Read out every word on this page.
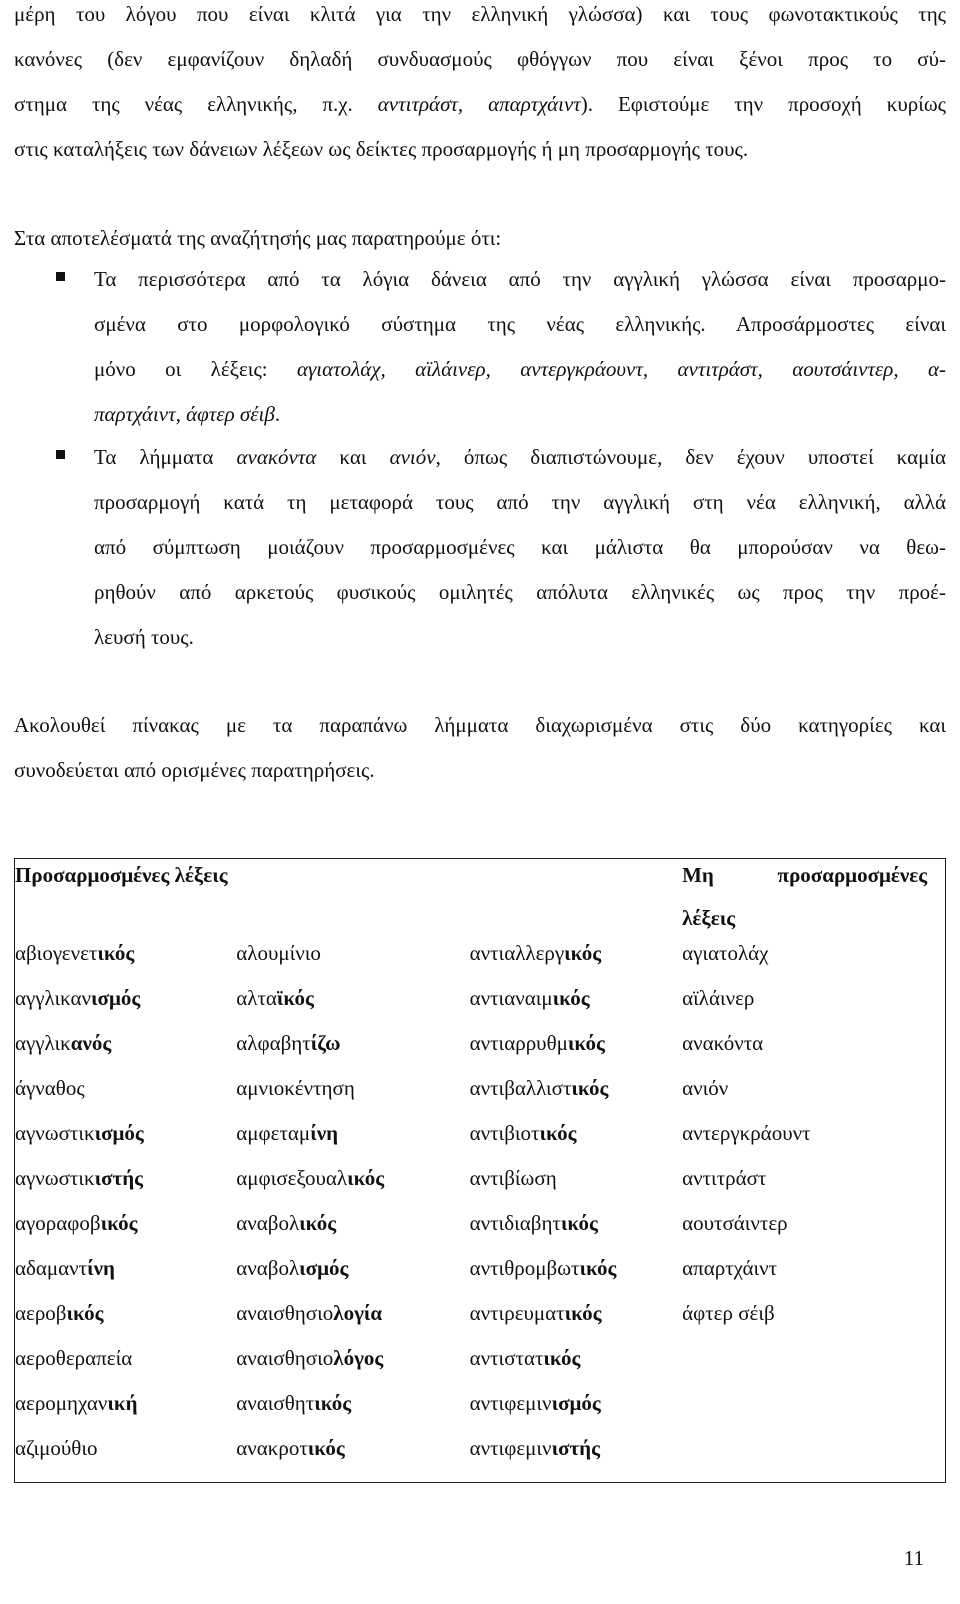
μέρη του λόγου που είναι κλιτά για την ελληνική γλώσσα) και τους φωνοτακτικούς της
κανόνες (δεν εμφανίζουν δηλαδή συνδυασμούς φθόγγων που είναι ξένοι προς το σύ-
στημα της νέας ελληνικής, π.χ. αντιτράστ, απαρτχάιντ). Εφιστούμε την προσοχή κυρίως
στις καταλήξεις των δάνειων λέξεων ως δείκτες προσαρμογής ή μη προσαρμογής τους.
Στα αποτελέσματά της αναζήτησής μας παρατηρούμε ότι:
Τα περισσότερα από τα λόγια δάνεια από την αγγλική γλώσσα είναι προσαρμο-
σμένα στο μορφολογικό σύστημα της νέας ελληνικής. Απροσάρμοστες είναι
μόνο οι λέξεις: αγιατολάχ, αϊλάινερ, αντεργκράουντ, αντιτράστ, αουτσάιντερ, α-
παρτχάιντ, άφτερ σέιβ.
Τα λήμματα ανακόντα και ανιόν, όπως διαπιστώνουμε, δεν έχουν υποστεί καμία
προσαρμογή κατά τη μεταφορά τους από την αγγλική στη νέα ελληνική, αλλά
από σύμπτωση μοιάζουν προσαρμοσμένες και μάλιστα θα μπορούσαν να θεω-
ρηθούν από αρκετούς φυσικούς ομιλητές απόλυτα ελληνικές ως προς την προέ-
λευσή τους.
Ακολουθεί πίνακας με τα παραπάνω λήμματα διαχωρισμένα στις δύο κατηγορίες και
συνοδεύεται από ορισμένες παρατηρήσεις.
Προσαρμοσμένες λέξεις			Μη προσαρμοσμένες
λέξεις

αβιογενετικός	αλουμίνιο	αντιαλλεργικός	αγιατολάχ
αγγλικανισμός	αλταϊκός	αντιαναιμικός	αϊλάινερ
αγγλικανός	αλφαβητίζω	αντιαρρυθμικός	ανακόντα
άγναθος	αμνιοκέντηση	αντιβαλλιστικός	ανιόν
αγνωστικισμός	αμφεταμίνη	αντιβιοτικός	αντεργκράουντ
αγνωστικιστής	αμφισεξουαλικός	αντιβίωση	αντιτράστ
αγοραφοβικός	αναβολικός	αντιδιαβητικός	αουτσάιντερ
αδαμαντίνη	αναβολισμός	αντιθρομβωτικός	απαρτχάιντ
αεροβικός	αναισθησιολογία	αντιρευματικός	άφτερ σέιβ
αεροθεραπεία	αναισθησιολόγος	αντιστατικός	
αερομηχανική	αναισθητικός	αντιφεμινισμός	
αζιμούθιο	ανακροτικός	αντιφεμινιστής	
11
